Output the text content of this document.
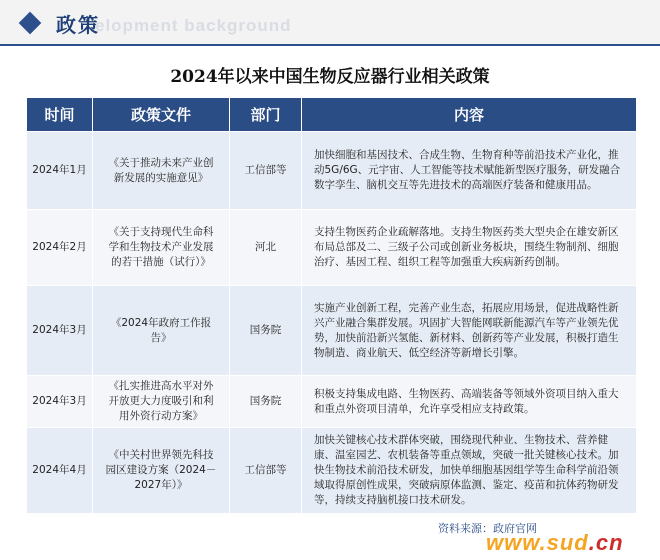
elopment background
政策
2024年以来中国生物反应器行业相关政策
时间	政策文件	部门	内容
2024年1月	《关于推动未来产业创新发展的实施意见》	工信部等	加快细胞和基因技术、合成生物、生物育种等前沿技术产业化，推动5G/6G、元宇宙、人工智能等技术赋能新型医疗服务，研发融合数字孪生、脑机交互等先进技术的高端医疗装备和健康用品。
2024年2月	《关于支持现代生命科学和生物技术产业发展的若干措施（试行）》	河北	支持生物医药企业疏解落地。支持生物医药类大型央企在雄安新区布局总部及二、三级子公司或创新业务板块，围绕生物制剂、细胞治疗、基因工程、组织工程等加强重大疾病新药创制。
2024年3月	《2024年政府工作报告》	国务院	实施产业创新工程，完善产业生态，拓展应用场景，促进战略性新兴产业融合集群发展。巩固扩大智能网联新能源汽车等产业领先优势，加快前沿新兴氢能、新材料、创新药等产业发展，积极打造生物制造、商业航天、低空经济等新增长引擎。
2024年3月	《扎实推进高水平对外开放更大力度吸引和利用外资行动方案》	国务院	积极支持集成电路、生物医药、高端装备等领域外资项目纳入重大和重点外资项目清单，允许享受相应支持政策。
2024年4月	《中关村世界领先科技园区建设方案（2024－2027年）》	工信部等	加快关键核心技术群体突破，围绕现代种业、生物技术、营养健康、温室园艺、农机装备等重点领域，突破一批关键核心技术。加快生物技术前沿技术研发，加快单细胞基因组学等生命科学前沿领域取得原创性成果，突破病原体监测、鉴定、疫苗和抗体药物研发等，持续支持脑机接口技术研发。
资料来源：政府官网
www.sud.cn
